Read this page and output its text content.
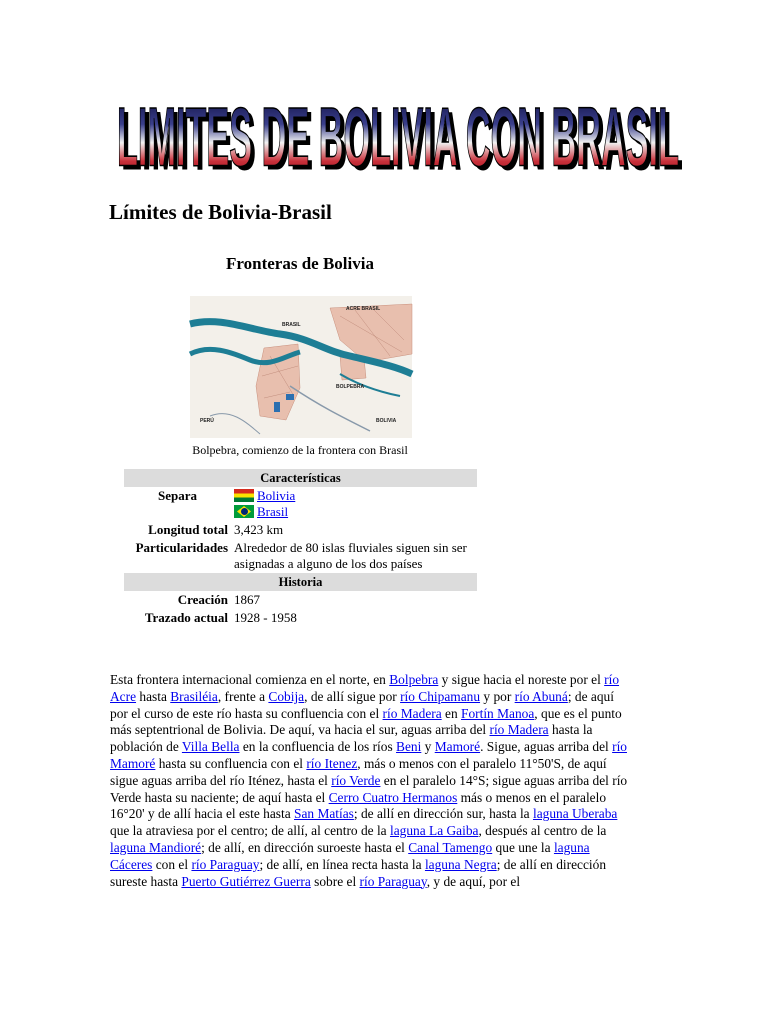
LIMITES DE BOLIVIA CON BRASIL
LIMITES DE BOLIVIA CON BRASIL
Límites de Bolivia-Brasil
Fronteras de Bolivia
ACRE BRASIL
BRASIL
BOLPEBRA
PERÚ	BOLIVIA
Bolpebra, comienzo de la frontera con Brasil
Características	
Separa	Bolivia
Brasil
Longitud total	3,423 km
Particularidades	Alrededor de 80 islas fluviales siguen sin ser asignadas a alguno de los dos países
Historia	
Creación	1867
Trazado actual	1928 - 1958

Esta frontera internacional comienza en el norte, en Bolpebra y sigue hacia el noreste por el río Acre hasta Brasiléia, frente a Cobija, de allí sigue por río Chipamanu y por río Abuná; de aquí por el curso de este río hasta su confluencia con el río Madera en Fortín Manoa, que es el punto más septentrional de Bolivia. De aquí, va hacia el sur, aguas arriba del río Madera hasta la población de Villa Bella en la confluencia de los ríos Beni y Mamoré. Sigue, aguas arriba del río Mamoré hasta su confluencia con el río Itenez, más o menos con el paralelo 11°50'S, de aquí sigue aguas arriba del río Iténez, hasta el río Verde en el paralelo 14°S; sigue aguas arriba del río Verde hasta su naciente; de aquí hasta el Cerro Cuatro Hermanos más o menos en el paralelo 16°20' y de allí hacia el este hasta San Matías; de allí en dirección sur, hasta la laguna Uberaba que la atraviesa por el centro; de allí, al centro de la laguna La Gaiba, después al centro de la laguna Mandioré; de allí, en dirección suroeste hasta el Canal Tamengo que une la laguna Cáceres con el río Paraguay; de allí, en línea recta hasta la laguna Negra; de allí en dirección sureste hasta Puerto Gutiérrez Guerra sobre el río Paraguay, y de aquí, por el
